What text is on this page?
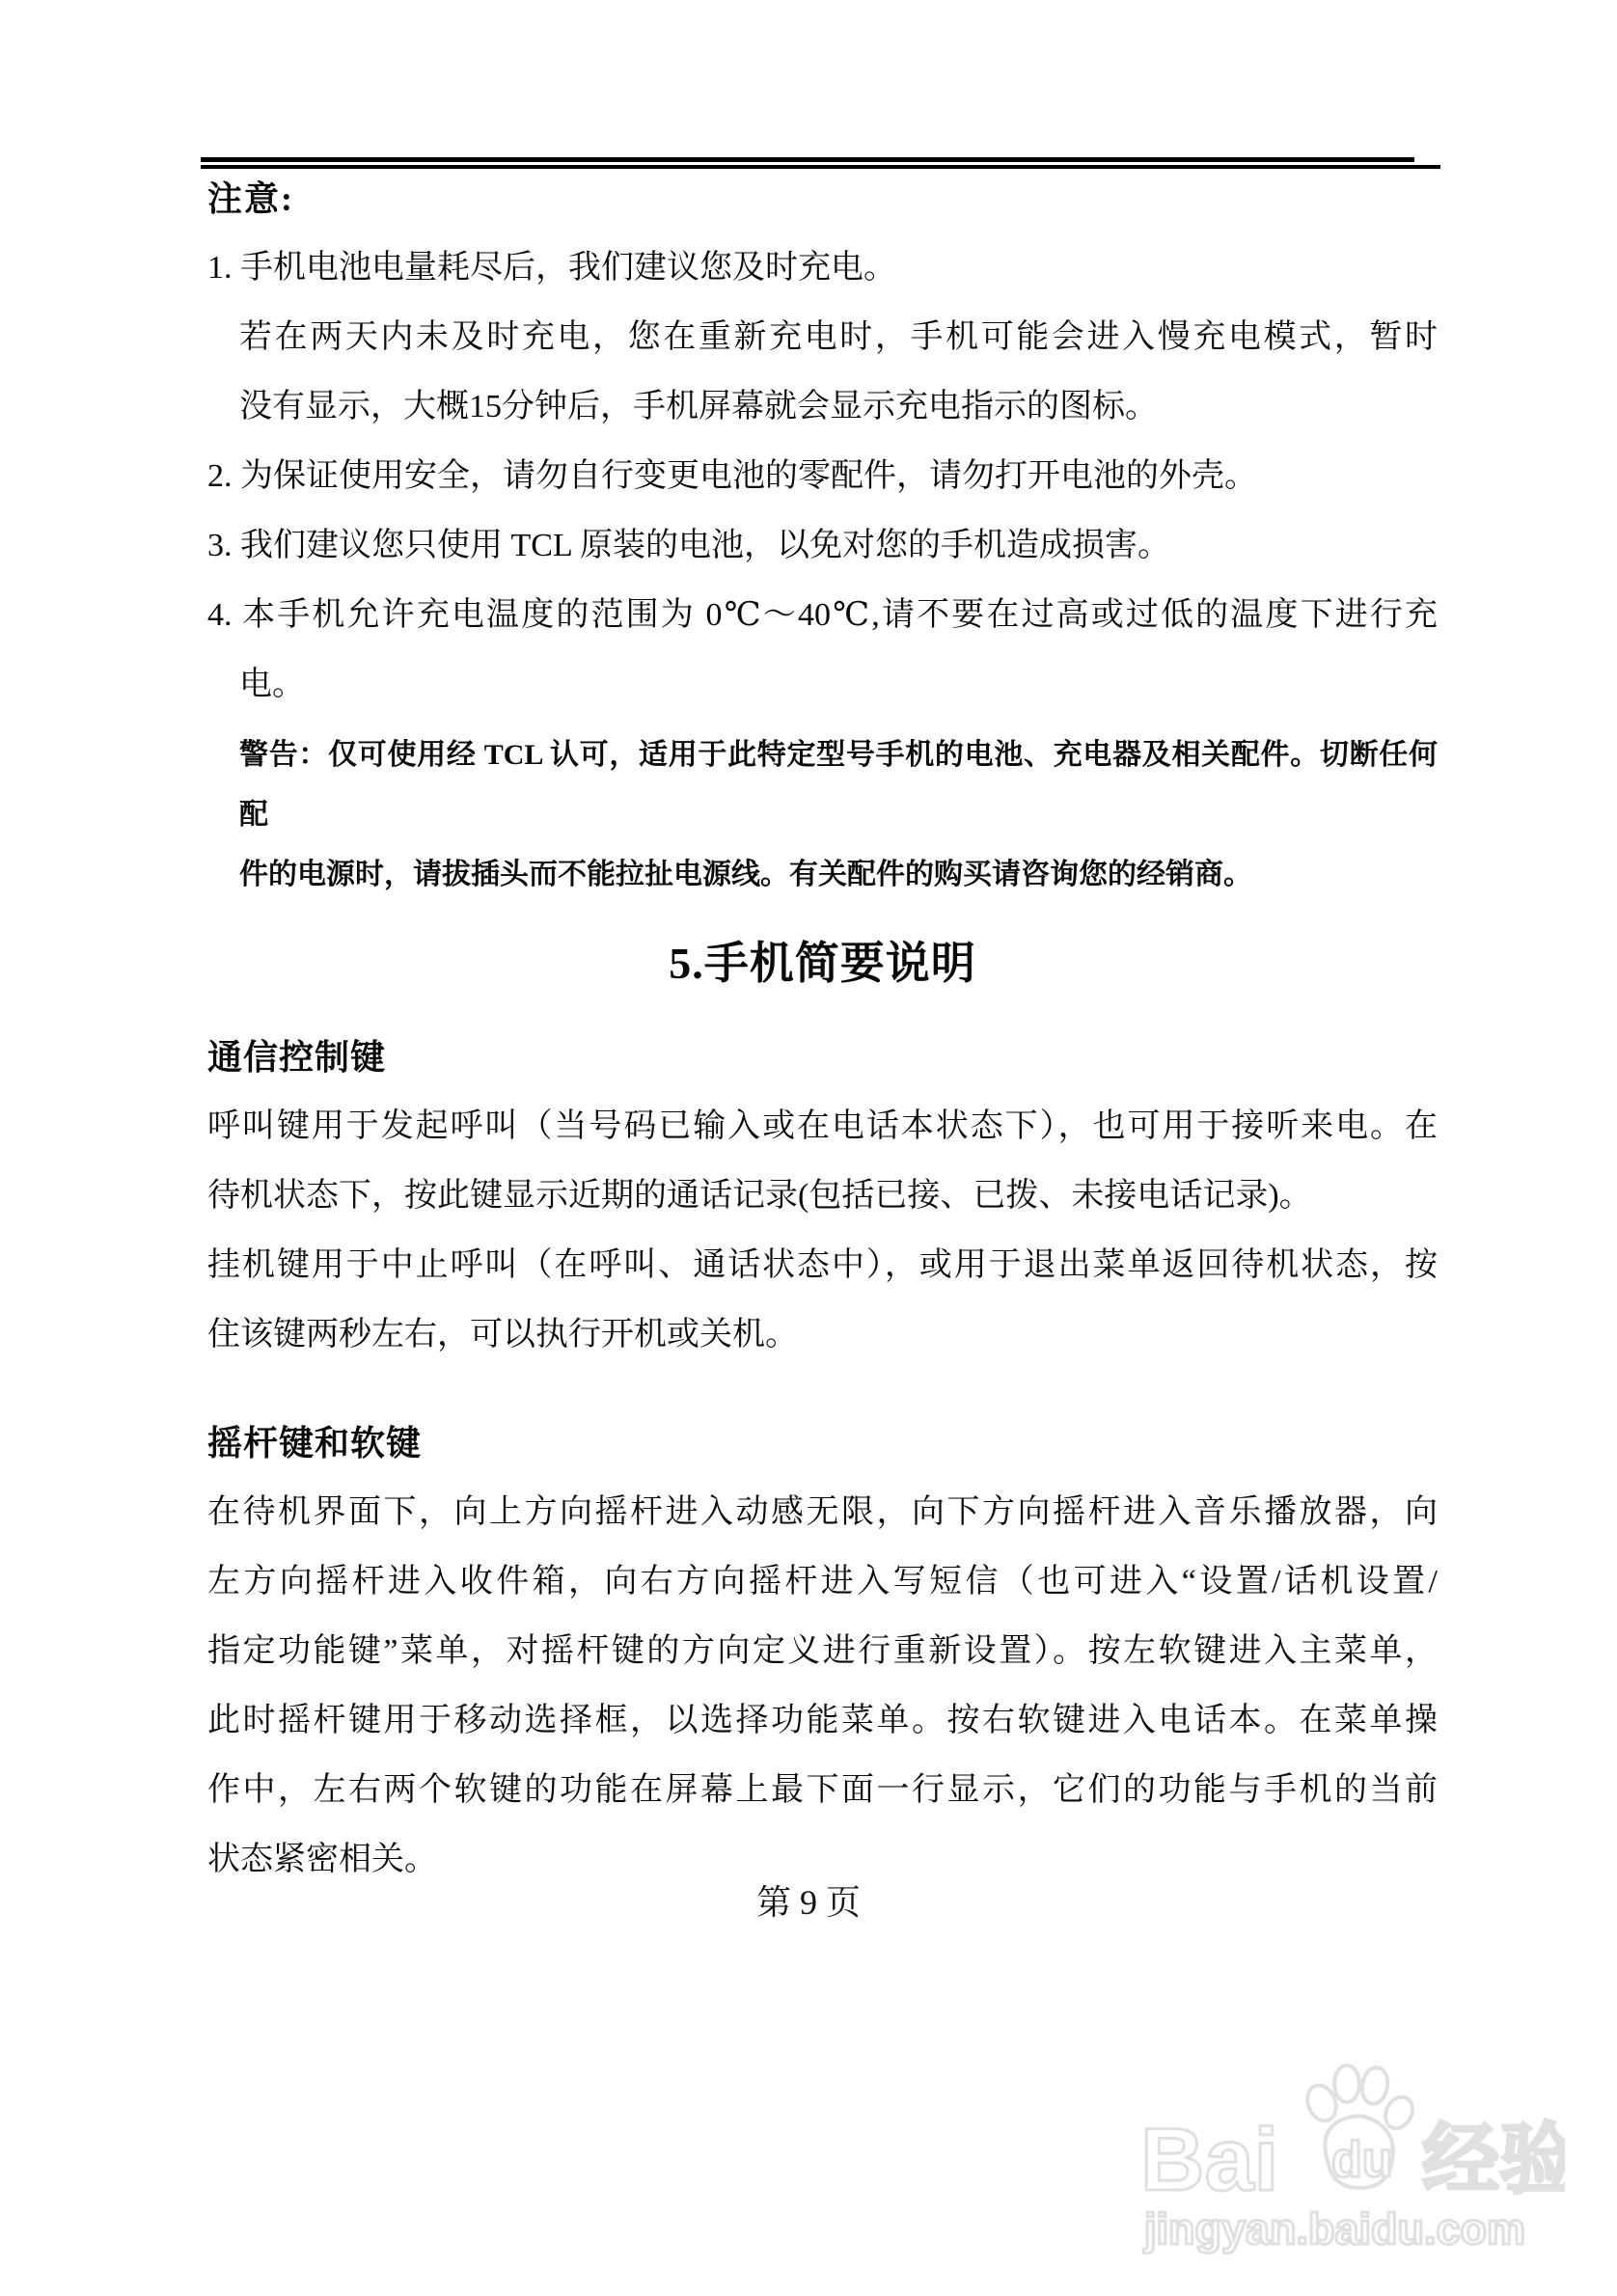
注意:
1. 手机电池电量耗尽后，我们建议您及时充电。
若在两天内未及时充电，您在重新充电时，手机可能会进入慢充电模式，暂时
没有显示，大概15分钟后，手机屏幕就会显示充电指示的图标。
2. 为保证使用安全，请勿自行变更电池的零配件，请勿打开电池的外壳。
3. 我们建议您只使用 TCL 原装的电池，以免对您的手机造成损害。
4. 本手机允许充电温度的范围为 0℃～40℃,请不要在过高或过低的温度下进行充
电。
警告：仅可使用经 TCL 认可，适用于此特定型号手机的电池、充电器及相关配件。切断任何配
件的电源时，请拔插头而不能拉扯电源线。有关配件的购买请咨询您的经销商。
5.手机简要说明
通信控制键
呼叫键用于发起呼叫（当号码已输入或在电话本状态下），也可用于接听来电。在
待机状态下，按此键显示近期的通话记录(包括已接、已拨、未接电话记录)。
挂机键用于中止呼叫（在呼叫、通话状态中），或用于退出菜单返回待机状态，按
住该键两秒左右，可以执行开机或关机。
摇杆键和软键
在待机界面下，向上方向摇杆进入动感无限，向下方向摇杆进入音乐播放器，向
左方向摇杆进入收件箱，向右方向摇杆进入写短信（也可进入“设置/话机设置/
指定功能键”菜单，对摇杆键的方向定义进行重新设置）。按左软键进入主菜单，
此时摇杆键用于移动选择框，以选择功能菜单。按右软键进入电话本。在菜单操
作中，左右两个软键的功能在屏幕上最下面一行显示，它们的功能与手机的当前
状态紧密相关。
第 9 页
Bai du 经验
jingyan.baidu.com
